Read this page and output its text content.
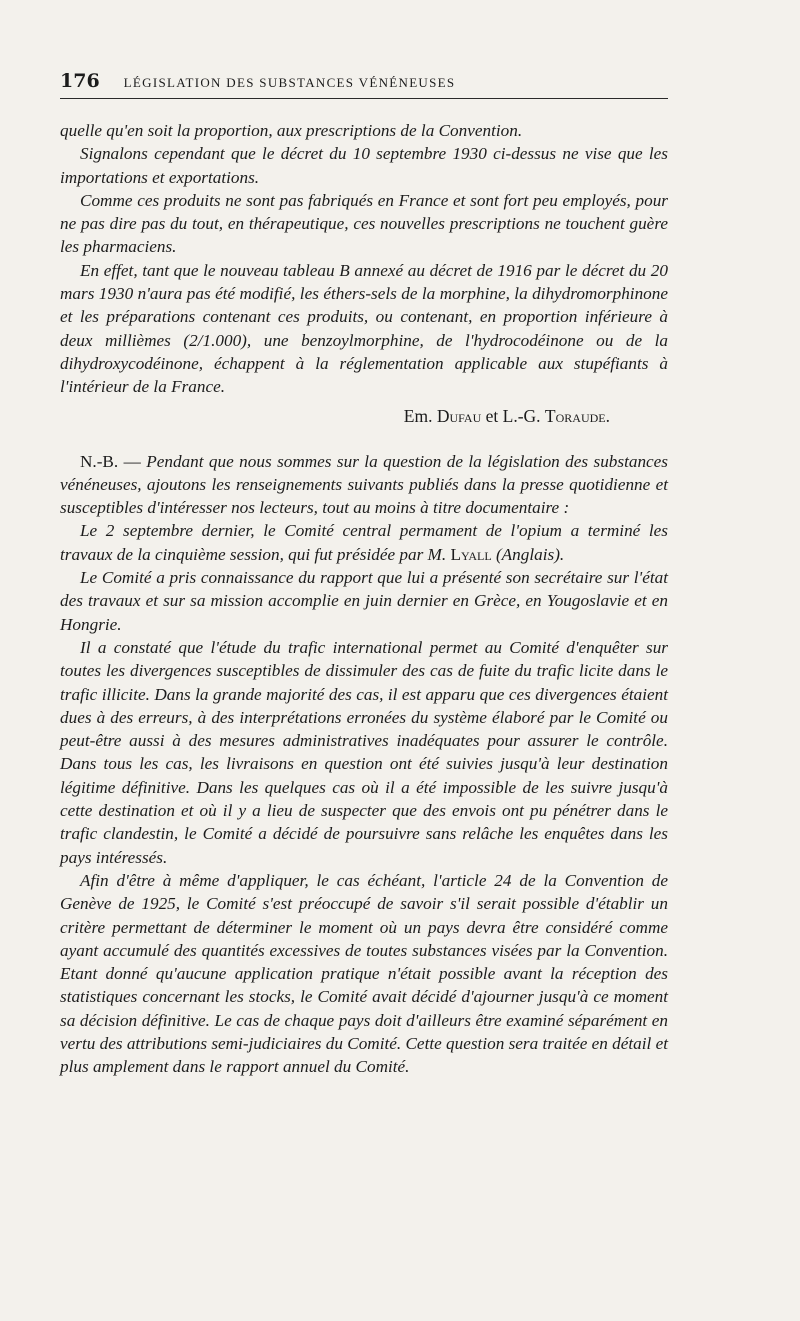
176 LÉGISLATION DES SUBSTANCES VÉNÉNEUSES

quelle qu'en soit la proportion, aux prescriptions de la Convention.

Signalons cependant que le décret du 10 septembre 1930 ci-dessus ne vise que les importations et exportations.

Comme ces produits ne sont pas fabriqués en France et sont fort peu employés, pour ne pas dire pas du tout, en thérapeutique, ces nouvelles prescriptions ne touchent guère les pharmaciens.

En effet, tant que le nouveau tableau B annexé au décret de 1916 par le décret du 20 mars 1930 n'aura pas été modifié, les éthers-sels de la morphine, la dihydromorphinone et les préparations contenant ces produits, ou contenant, en proportion inférieure à deux millièmes (2/1.000), une benzoylmorphine, de l'hydrocodéinone ou de la dihydroxycodéinone, échappent à la réglementation applicable aux stupéfiants à l'intérieur de la France.

Em. Dufau et L.-G. Toraude.

N.-B. — Pendant que nous sommes sur la question de la législation des substances vénéneuses, ajoutons les renseignements suivants publiés dans la presse quotidienne et susceptibles d'intéresser nos lecteurs, tout au moins à titre documentaire :

Le 2 septembre dernier, le Comité central permament de l'opium a terminé les travaux de la cinquième session, qui fut présidée par M. Lyall (Anglais).

Le Comité a pris connaissance du rapport que lui a présenté son secrétaire sur l'état des travaux et sur sa mission accomplie en juin dernier en Grèce, en Yougoslavie et en Hongrie.

Il a constaté que l'étude du trafic international permet au Comité d'enquêter sur toutes les divergences susceptibles de dissimuler des cas de fuite du trafic licite dans le trafic illicite. Dans la grande majorité des cas, il est apparu que ces divergences étaient dues à des erreurs, à des interprétations erronées du système élaboré par le Comité ou peut-être aussi à des mesures administratives inadéquates pour assurer le contrôle. Dans tous les cas, les livraisons en question ont été suivies jusqu'à leur destination légitime définitive. Dans les quelques cas où il a été impossible de les suivre jusqu'à cette destination et où il y a lieu de suspecter que des envois ont pu pénétrer dans le trafic clandestin, le Comité a décidé de poursuivre sans relâche les enquêtes dans les pays intéressés.

Afin d'être à même d'appliquer, le cas échéant, l'article 24 de la Convention de Genève de 1925, le Comité s'est préoccupé de savoir s'il serait possible d'établir un critère permettant de déterminer le moment où un pays devra être considéré comme ayant accumulé des quantités excessives de toutes substances visées par la Convention. Etant donné qu'aucune application pratique n'était possible avant la réception des statistiques concernant les stocks, le Comité avait décidé d'ajourner jusqu'à ce moment sa décision définitive. Le cas de chaque pays doit d'ailleurs être examiné séparément en vertu des attributions semi-judiciaires du Comité. Cette question sera traitée en détail et plus amplement dans le rapport annuel du Comité.
